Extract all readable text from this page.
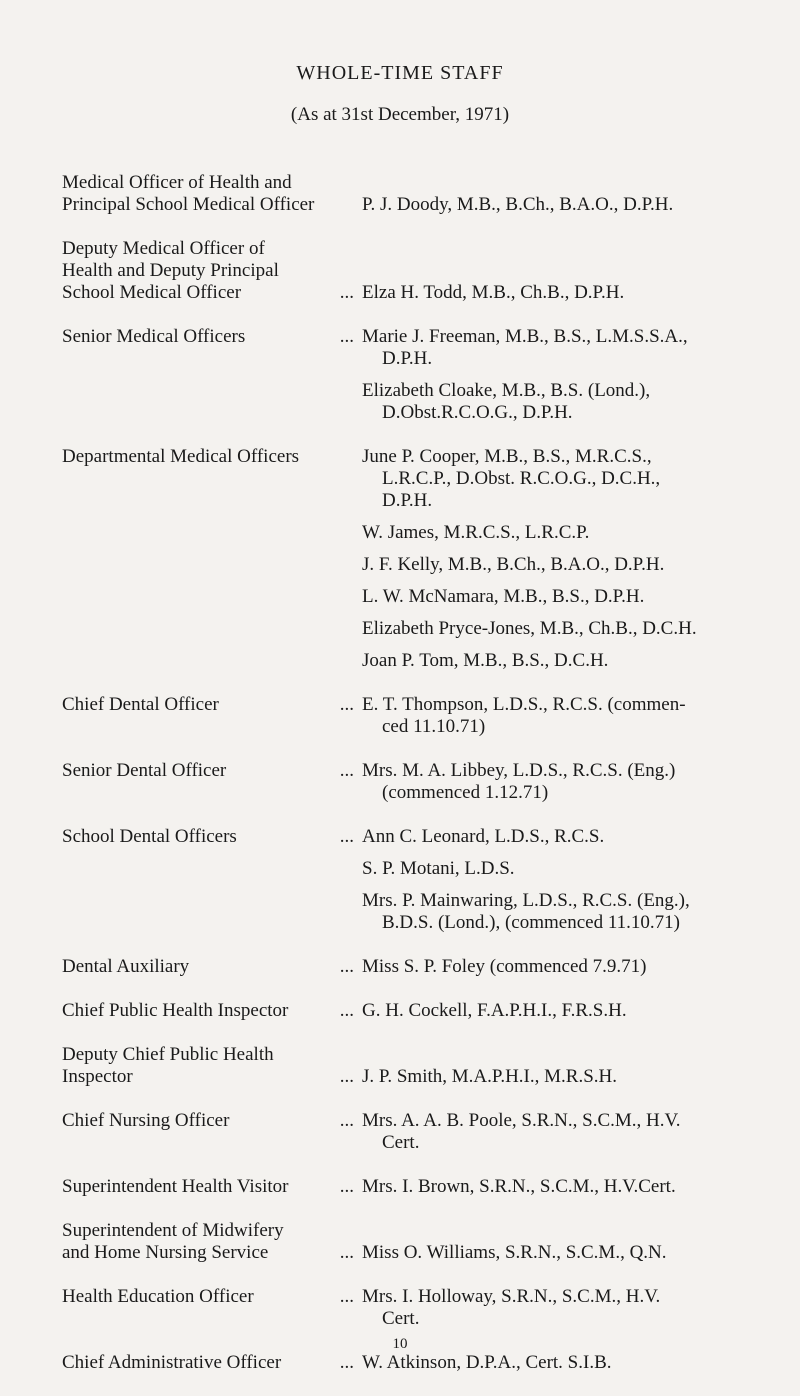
WHOLE-TIME STAFF
(As at 31st December, 1971)
Medical Officer of Health and
Principal School Medical Officer	P. J. Doody, M.B., B.Ch., B.A.O., D.P.H.
Deputy Medical Officer of
Health and Deputy Principal
School Medical Officer	... Elza H. Todd, M.B., Ch.B., D.P.H.
Senior Medical Officers	... Marie J. Freeman, M.B., B.S., L.M.S.S.A.,
D.P.H.
Elizabeth Cloake, M.B., B.S. (Lond.),
D.Obst.R.C.O.G., D.P.H.
Departmental Medical Officers	June P. Cooper, M.B., B.S., M.R.C.S.,
L.R.C.P., D.Obst. R.C.O.G., D.C.H.,
D.P.H.
W. James, M.R.C.S., L.R.C.P.
J. F. Kelly, M.B., B.Ch., B.A.O., D.P.H.
L. W. McNamara, M.B., B.S., D.P.H.
Elizabeth Pryce-Jones, M.B., Ch.B., D.C.H.
Joan P. Tom, M.B., B.S., D.C.H.
Chief Dental Officer	... E. T. Thompson, L.D.S., R.C.S. (commen-
ced 11.10.71)
Senior Dental Officer	... Mrs. M. A. Libbey, L.D.S., R.C.S. (Eng.)
(commenced 1.12.71)
School Dental Officers	... Ann C. Leonard, L.D.S., R.C.S.
S. P. Motani, L.D.S.
Mrs. P. Mainwaring, L.D.S., R.C.S. (Eng.),
B.D.S. (Lond.), (commenced 11.10.71)
Dental Auxiliary	... Miss S. P. Foley (commenced 7.9.71)
Chief Public Health Inspector	... G. H. Cockell, F.A.P.H.I., F.R.S.H.
Deputy Chief Public Health
Inspector	... J. P. Smith, M.A.P.H.I., M.R.S.H.
Chief Nursing Officer	... Mrs. A. A. B. Poole, S.R.N., S.C.M., H.V.
Cert.
Superintendent Health Visitor	... Mrs. I. Brown, S.R.N., S.C.M., H.V.Cert.
Superintendent of Midwifery
and Home Nursing Service	... Miss O. Williams, S.R.N., S.C.M., Q.N.
Health Education Officer	... Mrs. I. Holloway, S.R.N., S.C.M., H.V.
Cert.
Chief Administrative Officer	... W. Atkinson, D.P.A., Cert. S.I.B.
10
